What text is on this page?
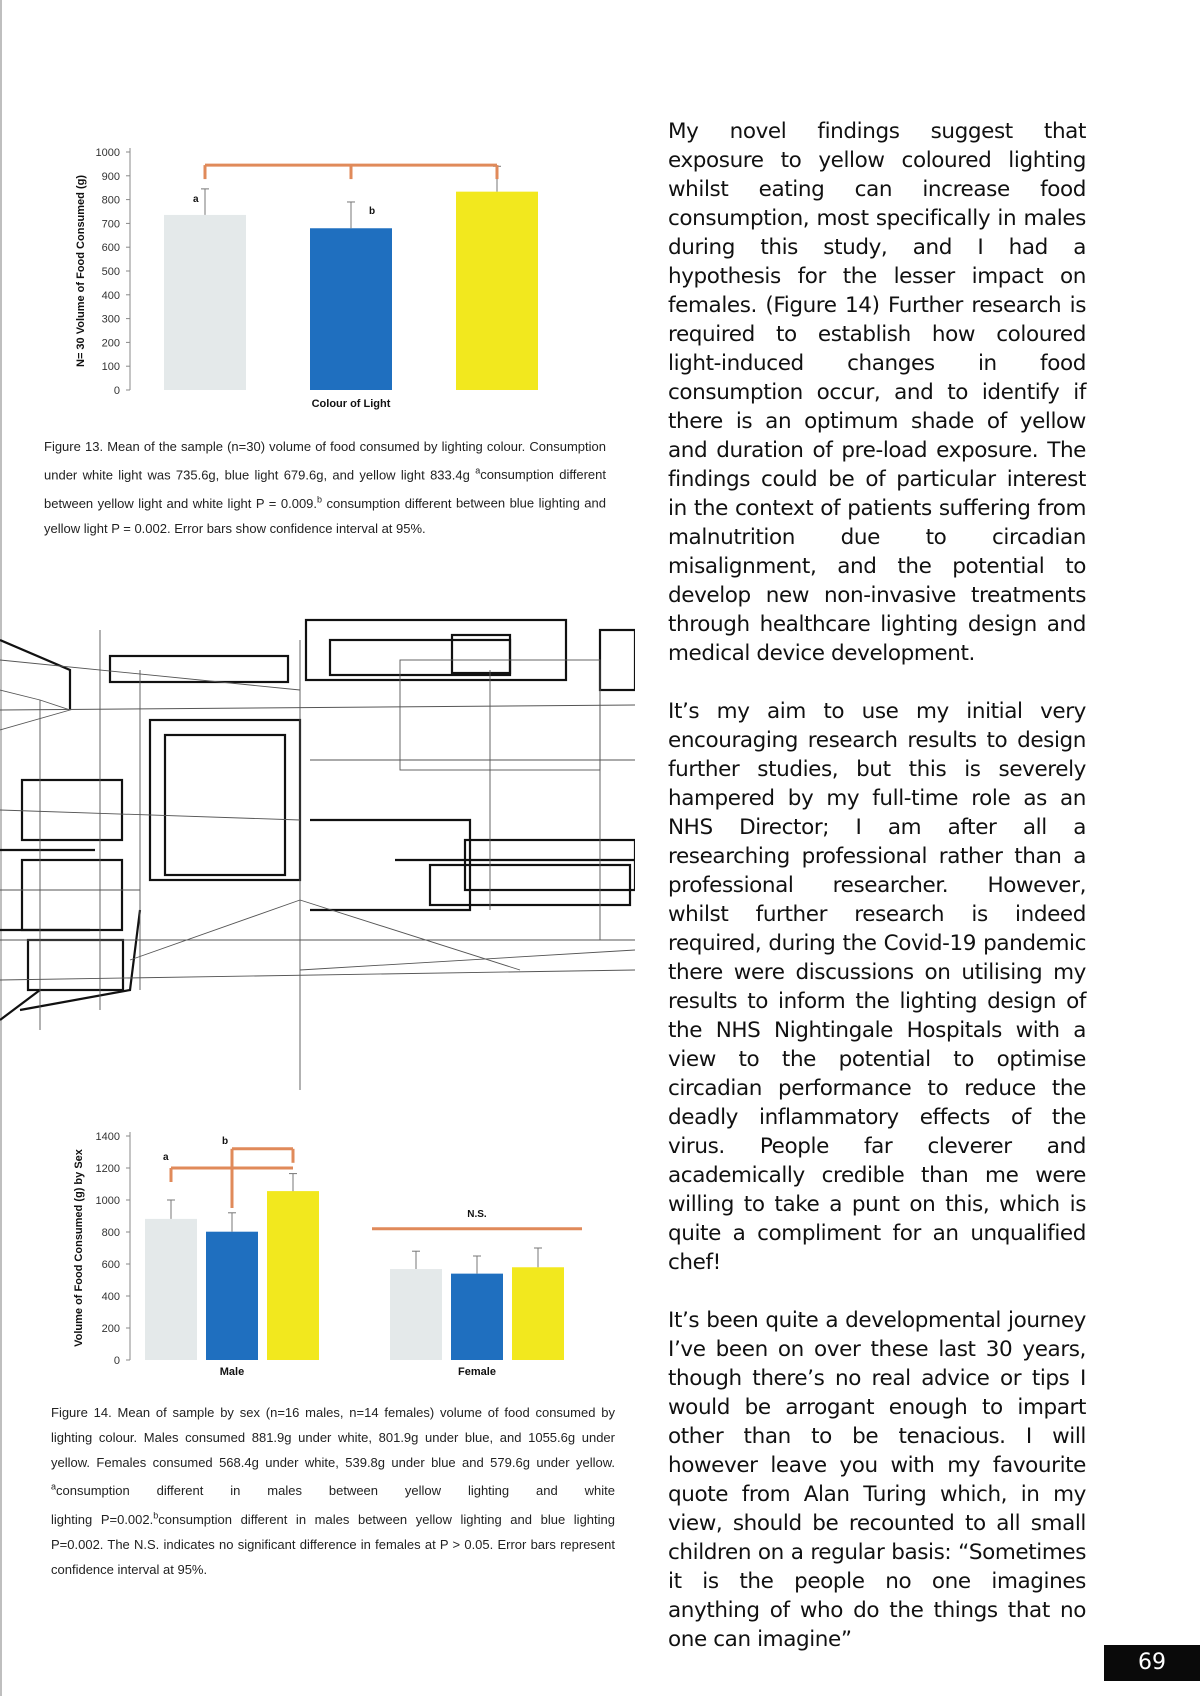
0
100
200
300
400
500
600
700
800
900
1000
a
b
Colour of Light
N= 30 Volume of Food Consumed (g)
Figure 13. Mean of the sample (n=30) volume of food consumed by lighting colour. Consumption under white light was 735.6g, blue light 679.6g, and yellow light 833.4g $^a$consumption different between yellow light and white light P = 0.009.$^b$ consumption different between blue lighting and yellow light P = 0.002. Error bars show confidence interval at 95%.
0
200
400
600
800
1000
1200
1400
Male	Female
a
b
N.S.
Volume of Food Consumed (g) by Sex
Figure 14. Mean of sample by sex (n=16 males, n=14 females) volume of food consumed by lighting colour. Males consumed 881.9g under white, 801.9g under blue, and 1055.6g under yellow. Females consumed 568.4g under white, 539.8g under blue and 579.6g under yellow. $^a$consumption different in males between yellow lighting and white lighting P=0.002.$^b$consumption different in males between yellow lighting and blue lighting P=0.002. The N.S. indicates no significant difference in females at P > 0.05. Error bars represent confidence interval at 95%.

My novel findings suggest that exposure to yellow coloured lighting whilst eating can increase food consumption, most specifically in males during this study, and I had a hypothesis for the lesser impact on females. (Figure 14) Further research is required to establish how coloured light-induced changes in food consumption occur, and to identify if there is an optimum shade of yellow and duration of pre-load exposure. The findings could be of particular interest in the context of patients suffering from malnutrition due to circadian misalignment, and the potential to develop new non-invasive treatments through healthcare lighting design and medical device development.

It’s my aim to use my initial very encouraging research results to design further studies, but this is severely hampered by my full-time role as an NHS Director; I am after all a researching professional rather than a professional researcher. However, whilst further research is indeed required, during the Covid-19 pandemic there were discussions on utilising my results to inform the lighting design of the NHS Nightingale Hospitals with a view to the potential to optimise circadian performance to reduce the deadly inflammatory effects of the virus. People far cleverer and academically credible than me were willing to take a punt on this, which is quite a compliment for an unqualified chef!

It’s been quite a developmental journey I’ve been on over these last 30 years, though there’s no real advice or tips I would be arrogant enough to impart other than to be tenacious. I will however leave you with my favourite quote from Alan Turing which, in my view, should be recounted to all small children on a regular basis: “Sometimes it is the people no one imagines anything of who do the things that no one can imagine”

69
